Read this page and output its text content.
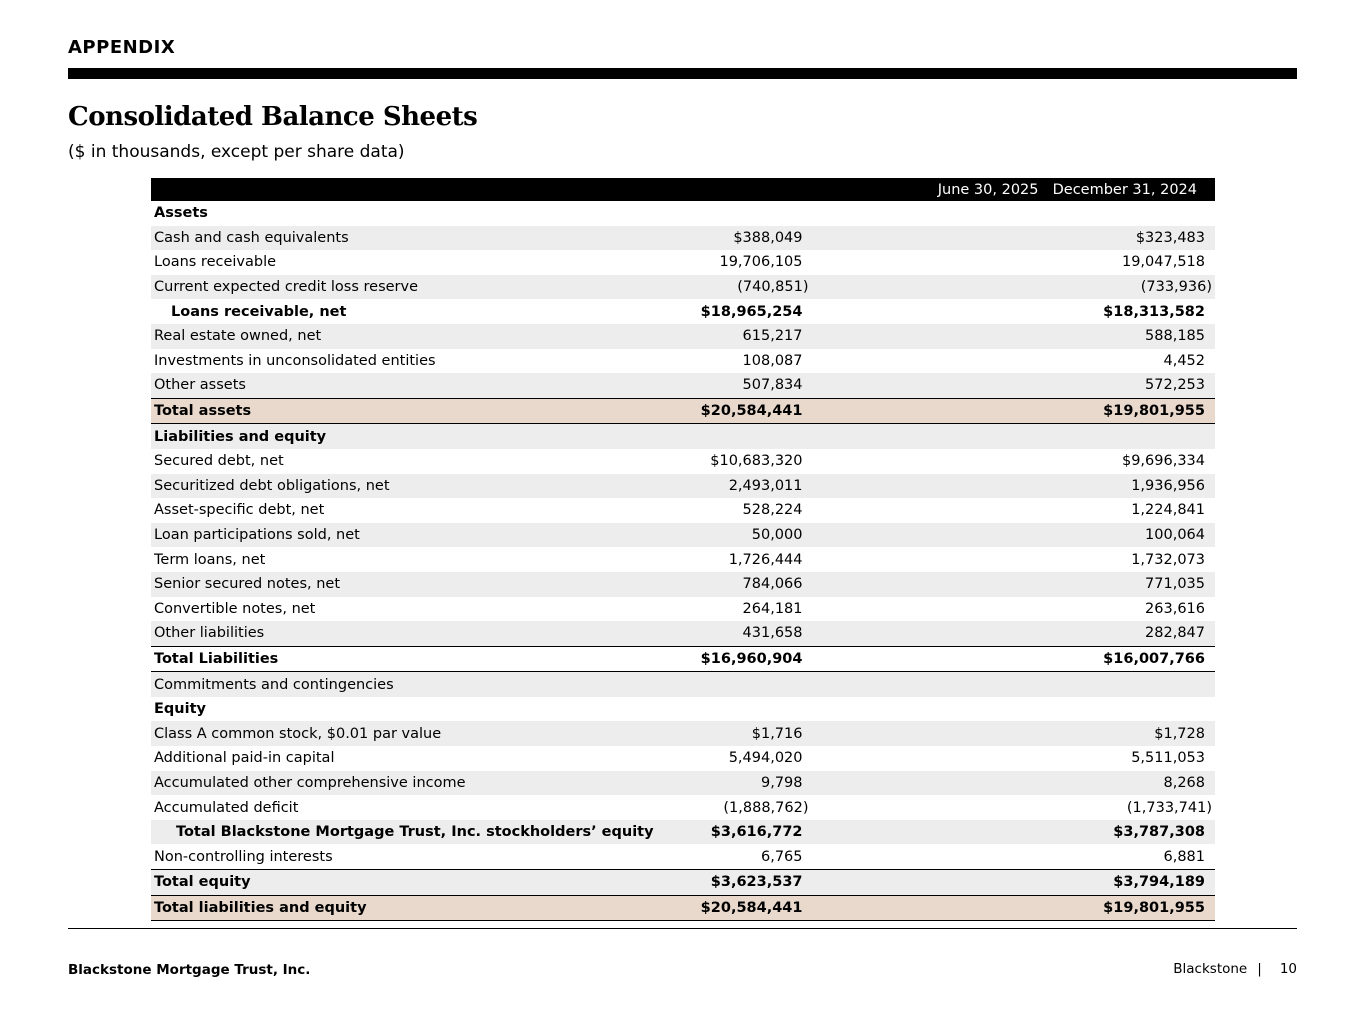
APPENDIX
Consolidated Balance Sheets
($ in thousands, except per share data)
	June 30, 2025	December 31, 2024
Assets		
Cash and cash equivalents	$388,049	$323,483
Loans receivable	19,706,105	19,047,518
Current expected credit loss reserve	(740,851)	(733,936)
Loans receivable, net	$18,965,254	$18,313,582
Real estate owned, net	615,217	588,185
Investments in unconsolidated entities	108,087	4,452
Other assets	507,834	572,253
Total assets	$20,584,441	$19,801,955
Liabilities and equity		
Secured debt, net	$10,683,320	$9,696,334
Securitized debt obligations, net	2,493,011	1,936,956
Asset-specific debt, net	528,224	1,224,841
Loan participations sold, net	50,000	100,064
Term loans, net	1,726,444	1,732,073
Senior secured notes, net	784,066	771,035
Convertible notes, net	264,181	263,616
Other liabilities	431,658	282,847
Total Liabilities	$16,960,904	$16,007,766
Commitments and contingencies		
Equity		
Class A common stock, $0.01 par value	$1,716	$1,728
Additional paid-in capital	5,494,020	5,511,053
Accumulated other comprehensive income	9,798	8,268
Accumulated deficit	(1,888,762)	(1,733,741)
Total Blackstone Mortgage Trust, Inc. stockholders’ equity	$3,616,772	$3,787,308
Non-controlling interests	6,765	6,881
Total equity	$3,623,537	$3,794,189
Total liabilities and equity	$20,584,441	$19,801,955
Blackstone Mortgage Trust, Inc.	Blackstone | 10
